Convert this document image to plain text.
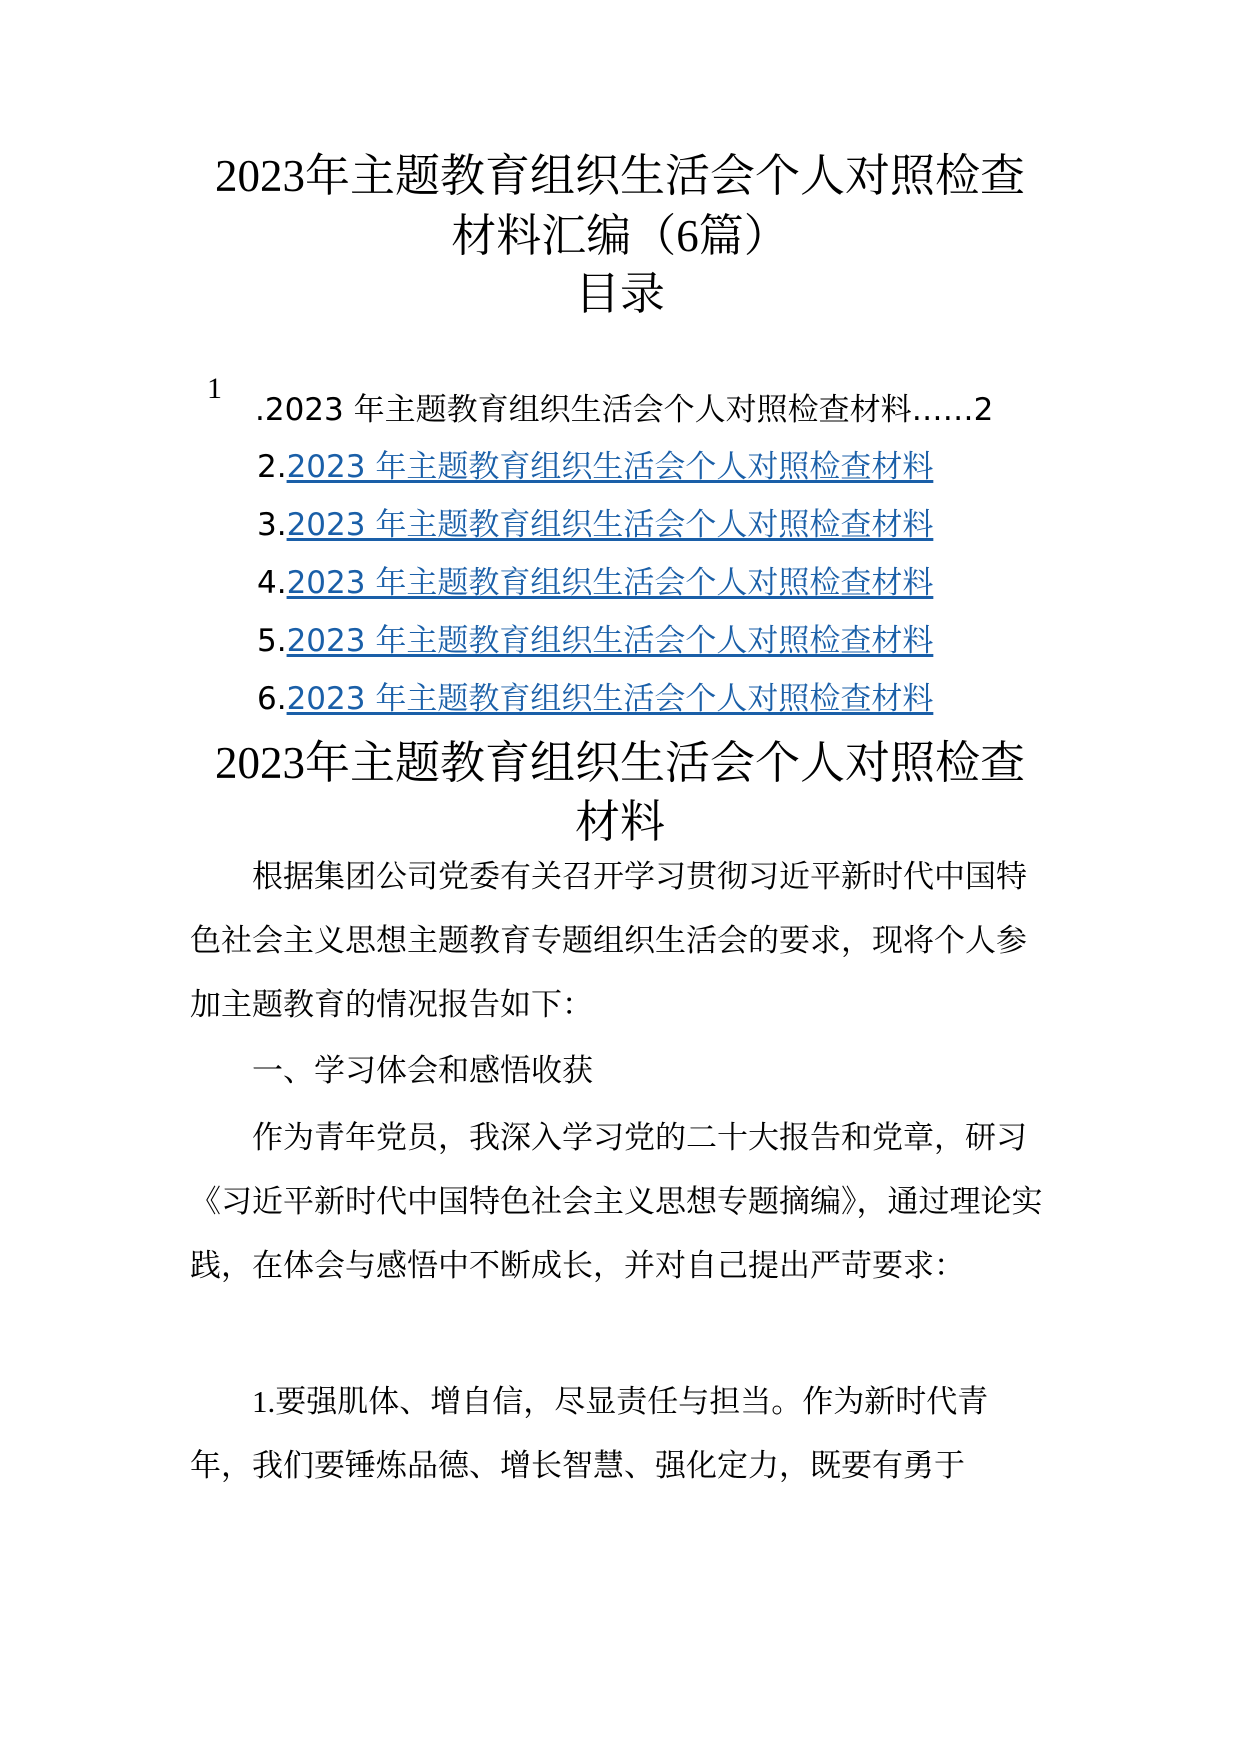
2023年主题教育组织生活会个人对照检查
材料汇编（6篇）
目录
1
.2023 年主题教育组织生活会个人对照检查材料……2
2.2023 年主题教育组织生活会个人对照检查材料
3.2023 年主题教育组织生活会个人对照检查材料
4.2023 年主题教育组织生活会个人对照检查材料
5.2023 年主题教育组织生活会个人对照检查材料
6.2023 年主题教育组织生活会个人对照检查材料
2023年主题教育组织生活会个人对照检查
材料
根据集团公司党委有关召开学习贯彻习近平新时代中国特色社会主义思想主题教育专题组织生活会的要求，现将个人参加主题教育的情况报告如下：
一、学习体会和感悟收获
作为青年党员，我深入学习党的二十大报告和党章，研习《习近平新时代中国特色社会主义思想专题摘编》，通过理论实践，在体会与感悟中不断成长，并对自己提出严苛要求：
1.要强肌体、增自信，尽显责任与担当。作为新时代青年，我们要锤炼品德、增长智慧、强化定力，既要有勇于
